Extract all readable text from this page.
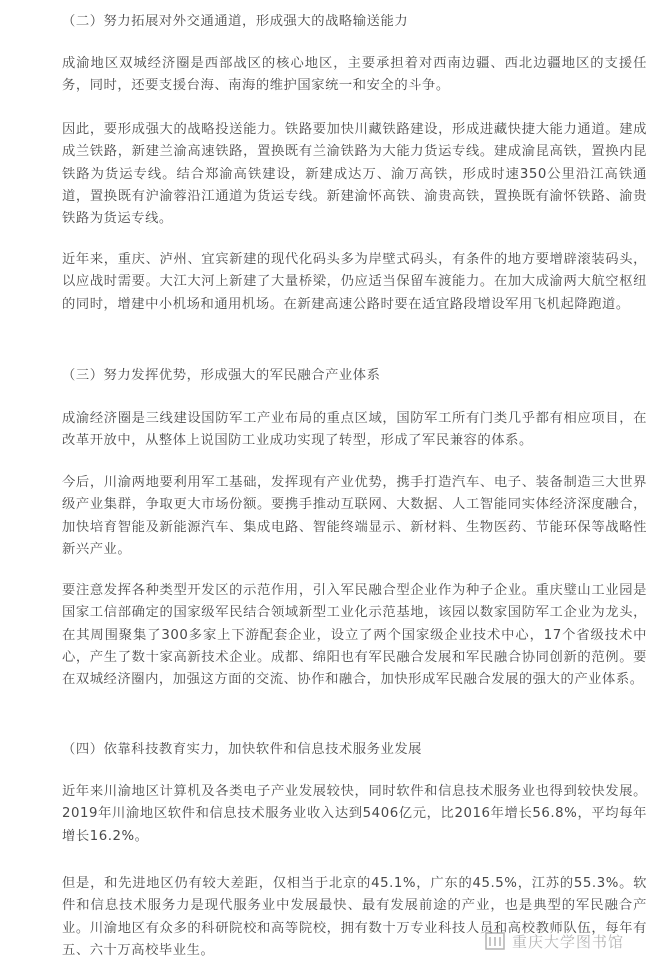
（二）努力拓展对外交通通道，形成强大的战略输送能力

成渝地区双城经济圈是西部战区的核心地区，主要承担着对西南边疆、西北边疆地区的支援任务，同时，还要支援台海、南海的维护国家统一和安全的斗争。

因此，要形成强大的战略投送能力。铁路要加快川藏铁路建设，形成进藏快捷大能力通道。建成成兰铁路，新建兰渝高速铁路，置换既有兰渝铁路为大能力货运专线。建成渝昆高铁，置换内昆铁路为货运专线。结合郑渝高铁建设，新建成达万、渝万高铁，形成时速350公里沿江高铁通道，置换既有沪渝蓉沿江通道为货运专线。新建渝怀高铁、渝贵高铁，置换既有渝怀铁路、渝贵铁路为货运专线。

近年来，重庆、泸州、宜宾新建的现代化码头多为岸壁式码头，有条件的地方要增辟滚装码头，以应战时需要。大江大河上新建了大量桥梁，仍应适当保留车渡能力。在加大成渝两大航空枢纽的同时，增建中小机场和通用机场。在新建高速公路时要在适宜路段增设军用飞机起降跑道。

（三）努力发挥优势，形成强大的军民融合产业体系

成渝经济圈是三线建设国防军工产业布局的重点区域，国防军工所有门类几乎都有相应项目，在改革开放中，从整体上说国防工业成功实现了转型，形成了军民兼容的体系。

今后，川渝两地要利用军工基础，发挥现有产业优势，携手打造汽车、电子、装备制造三大世界级产业集群，争取更大市场份额。要携手推动互联网、大数据、人工智能同实体经济深度融合，加快培育智能及新能源汽车、集成电路、智能终端显示、新材料、生物医药、节能环保等战略性新兴产业。

要注意发挥各种类型开发区的示范作用，引入军民融合型企业作为种子企业。重庆璧山工业园是国家工信部确定的国家级军民结合领域新型工业化示范基地，该园以数家国防军工企业为龙头，在其周围聚集了300多家上下游配套企业，设立了两个国家级企业技术中心，17个省级技术中心，产生了数十家高新技术企业。成都、绵阳也有军民融合发展和军民融合协同创新的范例。要在双城经济圈内，加强这方面的交流、协作和融合，加快形成军民融合发展的强大的产业体系。

（四）依靠科技教育实力，加快软件和信息技术服务业发展

近年来川渝地区计算机及各类电子产业发展较快，同时软件和信息技术服务业也得到较快发展。2019年川渝地区软件和信息技术服务业收入达到5406亿元，比2016年增长56.8%，平均每年增长16.2%。

但是，和先进地区仍有较大差距，仅相当于北京的45.1%，广东的45.5%，江苏的55.3%。软件和信息技术服务力是现代服务业中发展最快、最有发展前途的产业，也是典型的军民融合产业。川渝地区有众多的科研院校和高等院校，拥有数十万专业科技人员和高校教师队伍，每年有五、六十万高校毕业生。	重庆大学图书馆
